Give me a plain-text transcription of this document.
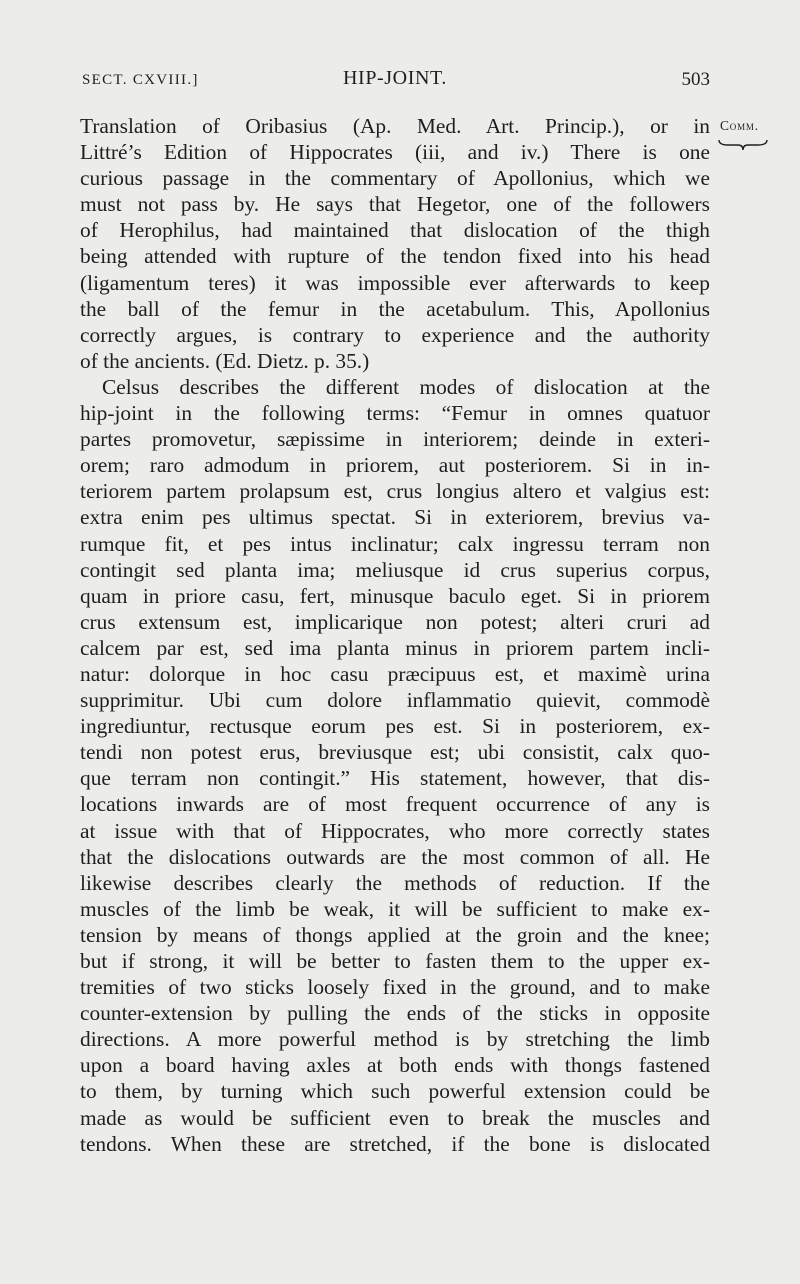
SECT. CXVIII.]	HIP-JOINT.	503
Comm.
Translation of Oribasius (Ap. Med. Art. Princip.), or in
Littré’s Edition of Hippocrates (iii, and iv.) There is one
curious passage in the commentary of Apollonius, which we
must not pass by. He says that Hegetor, one of the followers
of Herophilus, had maintained that dislocation of the thigh
being attended with rupture of the tendon fixed into his head
(ligamentum teres) it was impossible ever afterwards to keep
the ball of the femur in the acetabulum. This, Apollonius
correctly argues, is contrary to experience and the authority
of the ancients. (Ed. Dietz. p. 35.)
Celsus describes the different modes of dislocation at the
hip-joint in the following terms: “Femur in omnes quatuor
partes promovetur, sæpissime in interiorem; deinde in exteri-
orem; raro admodum in priorem, aut posteriorem. Si in in-
teriorem partem prolapsum est, crus longius altero et valgius est:
extra enim pes ultimus spectat. Si in exteriorem, brevius va-
rumque fit, et pes intus inclinatur; calx ingressu terram non
contingit sed planta ima; meliusque id crus superius corpus,
quam in priore casu, fert, minusque baculo eget. Si in priorem
crus extensum est, implicarique non potest; alteri cruri ad
calcem par est, sed ima planta minus in priorem partem incli-
natur: dolorque in hoc casu præcipuus est, et maximè urina
supprimitur. Ubi cum dolore inflammatio quievit, commodè
ingrediuntur, rectusque eorum pes est. Si in posteriorem, ex-
tendi non potest erus, breviusque est; ubi consistit, calx quo-
que terram non contingit.” His statement, however, that dis-
locations inwards are of most frequent occurrence of any is
at issue with that of Hippocrates, who more correctly states
that the dislocations outwards are the most common of all. He
likewise describes clearly the methods of reduction. If the
muscles of the limb be weak, it will be sufficient to make ex-
tension by means of thongs applied at the groin and the knee;
but if strong, it will be better to fasten them to the upper ex-
tremities of two sticks loosely fixed in the ground, and to make
counter-extension by pulling the ends of the sticks in opposite
directions. A more powerful method is by stretching the limb
upon a board having axles at both ends with thongs fastened
to them, by turning which such powerful extension could be
made as would be sufficient even to break the muscles and
tendons. When these are stretched, if the bone is dislocated
